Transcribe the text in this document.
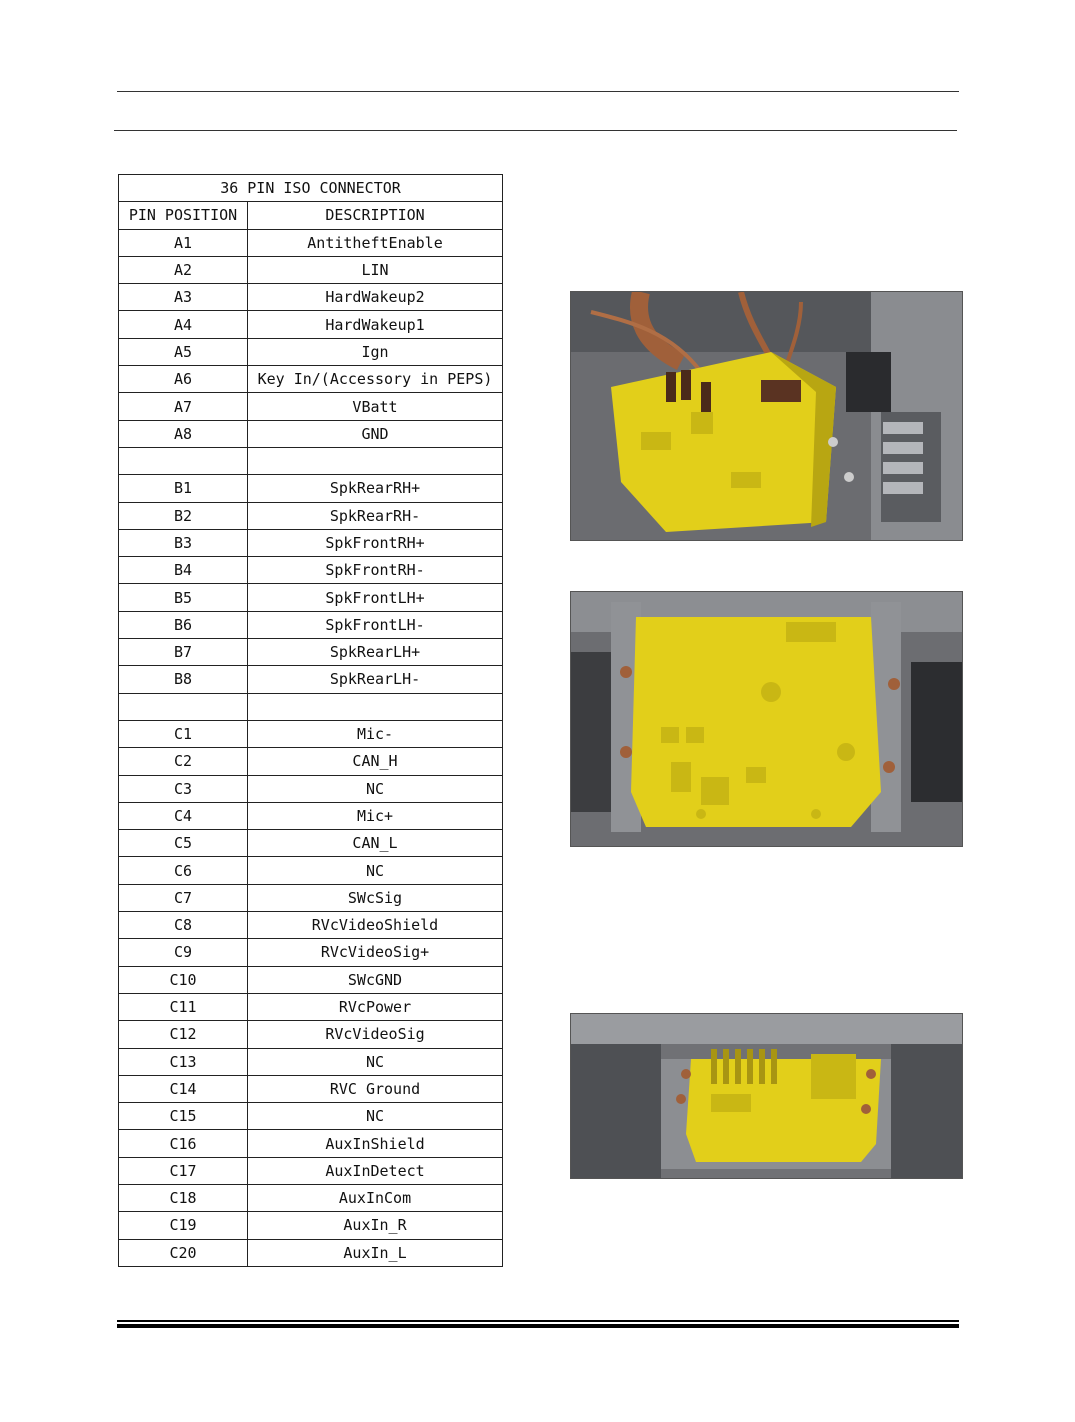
36 PIN ISO CONNECTOR	
PIN POSITION	DESCRIPTION
A1	AntitheftEnable
A2	LIN
A3	HardWakeup2
A4	HardWakeup1
A5	Ign
A6	Key In/(Accessory in PEPS)
A7	VBatt
A8	GND

B1	SpkRearRH+
B2	SpkRearRH-
B3	SpkFrontRH+
B4	SpkFrontRH-
B5	SpkFrontLH+
B6	SpkFrontLH-
B7	SpkRearLH+
B8	SpkRearLH-

C1	Mic-
C2	CAN_H
C3	NC
C4	Mic+
C5	CAN_L
C6	NC
C7	SWcSig
C8	RVcVideoShield
C9	RVcVideoSig+
C10	SWcGND
C11	RVcPower
C12	RVcVideoSig
C13	NC
C14	RVC Ground
C15	NC
C16	AuxInShield
C17	AuxInDetect
C18	AuxInCom
C19	AuxIn_R
C20	AuxIn_L
